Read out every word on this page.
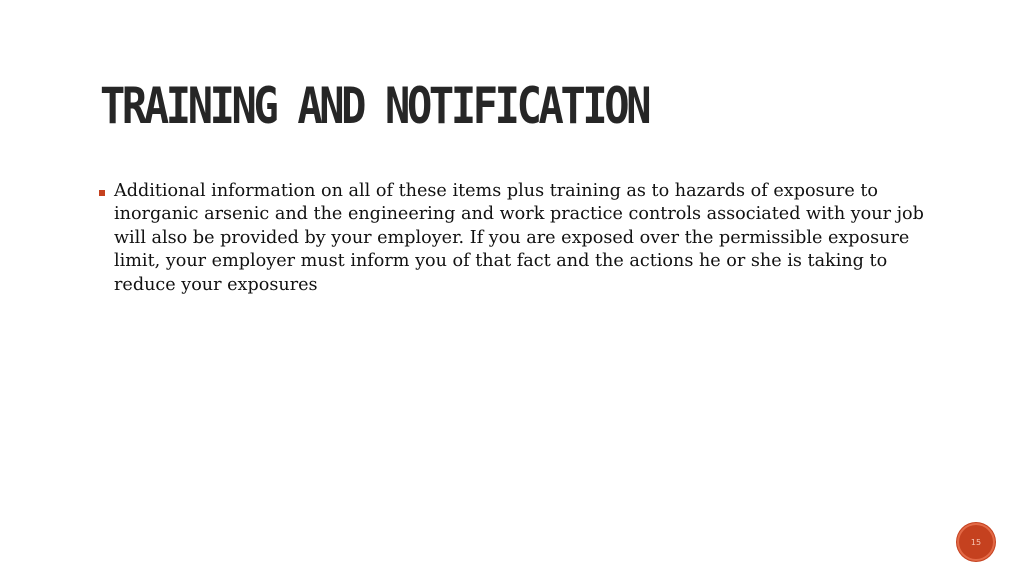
TRAINING AND NOTIFICATION

Additional information on all of these items plus training as to hazards of exposure to inorganic arsenic and the engineering and work practice controls associated with your job will also be provided by your employer. If you are exposed over the permissible exposure limit, your employer must inform you of that fact and the actions he or she is taking to reduce your exposures

15
